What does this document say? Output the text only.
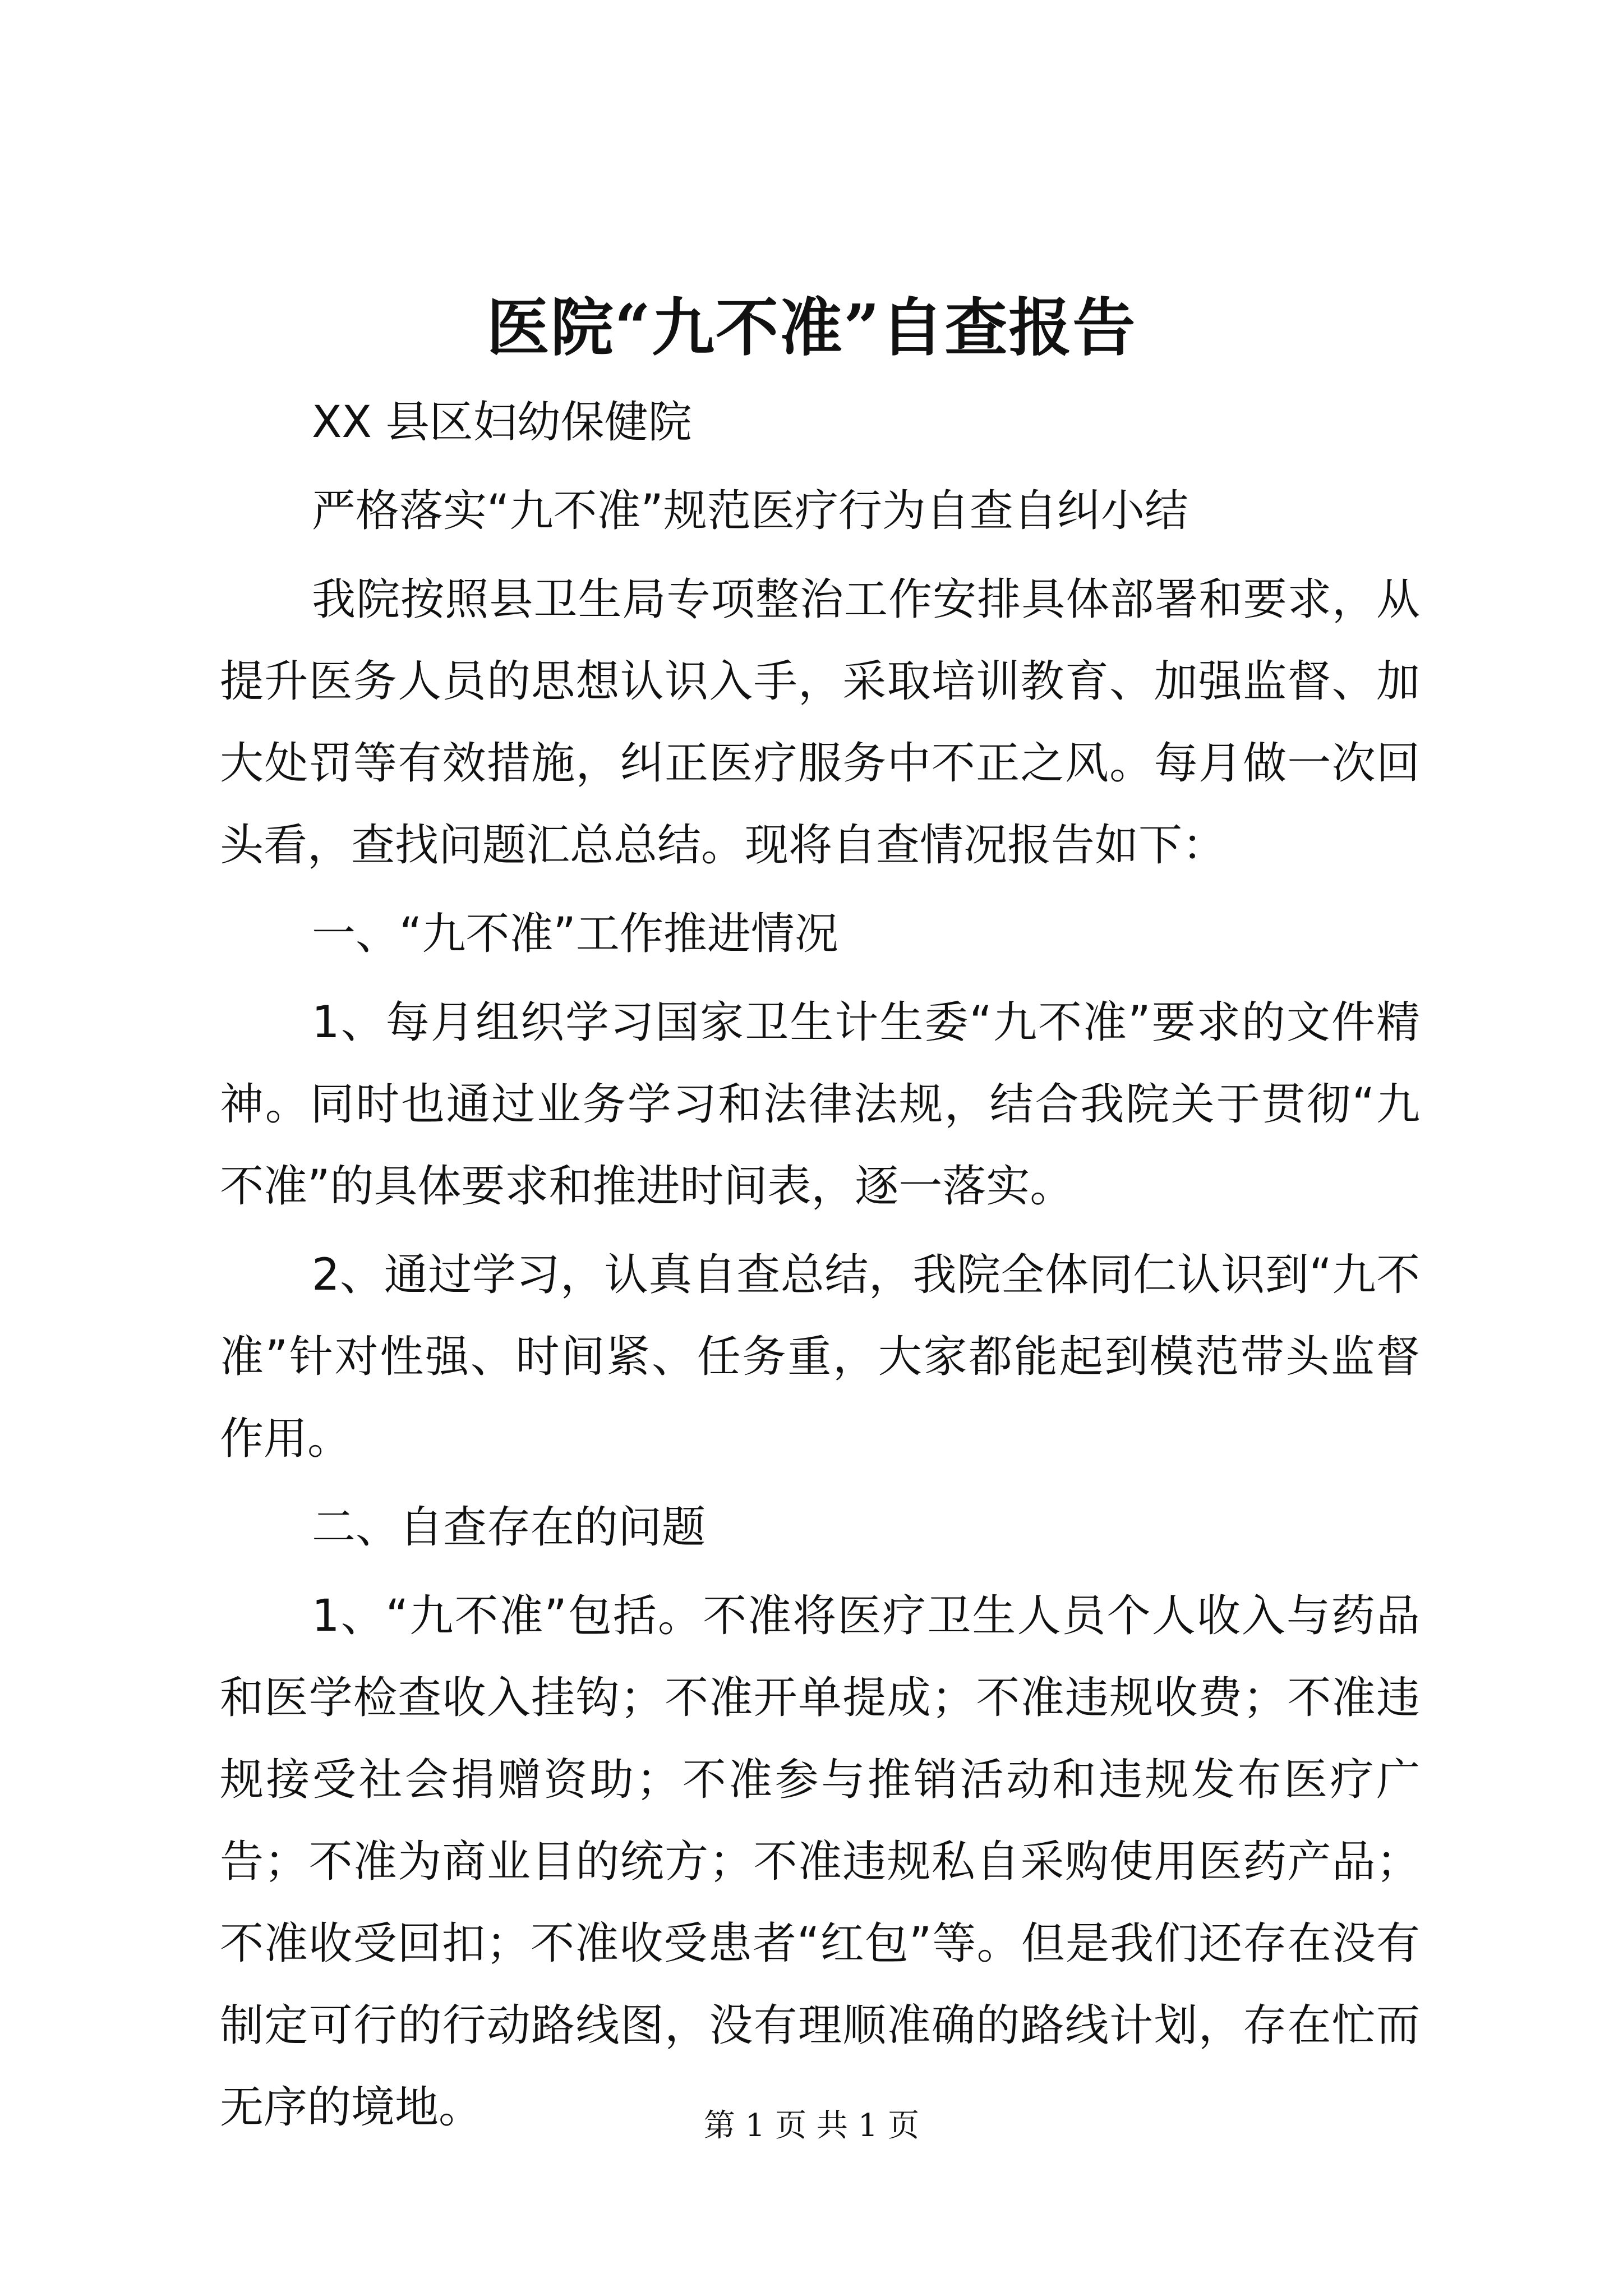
医院“九不准”自查报告

XX 县区妇幼保健院

严格落实“九不准”规范医疗行为自查自纠小结

我院按照县卫生局专项整治工作安排具体部署和要求，从提升医务人员的思想认识入手，采取培训教育、加强监督、加大处罚等有效措施，纠正医疗服务中不正之风。每月做一次回头看，查找问题汇总总结。现将自查情况报告如下：

一、“九不准”工作推进情况

1、每月组织学习国家卫生计生委“九不准”要求的文件精神。同时也通过业务学习和法律法规，结合我院关于贯彻“九不准”的具体要求和推进时间表，逐一落实。

2、通过学习，认真自查总结，我院全体同仁认识到“九不准”针对性强、时间紧、任务重，大家都能起到模范带头监督作用。

二、自查存在的问题

1、“九不准”包括。不准将医疗卫生人员个人收入与药品和医学检查收入挂钩；不准开单提成；不准违规收费；不准违规接受社会捐赠资助；不准参与推销活动和违规发布医疗广告；不准为商业目的统方；不准违规私自采购使用医药产品；不准收受回扣；不准收受患者“红包”等。但是我们还存在没有制定可行的行动路线图，没有理顺准确的路线计划，存在忙而无序的境地。	第 1 页 共 1 页
